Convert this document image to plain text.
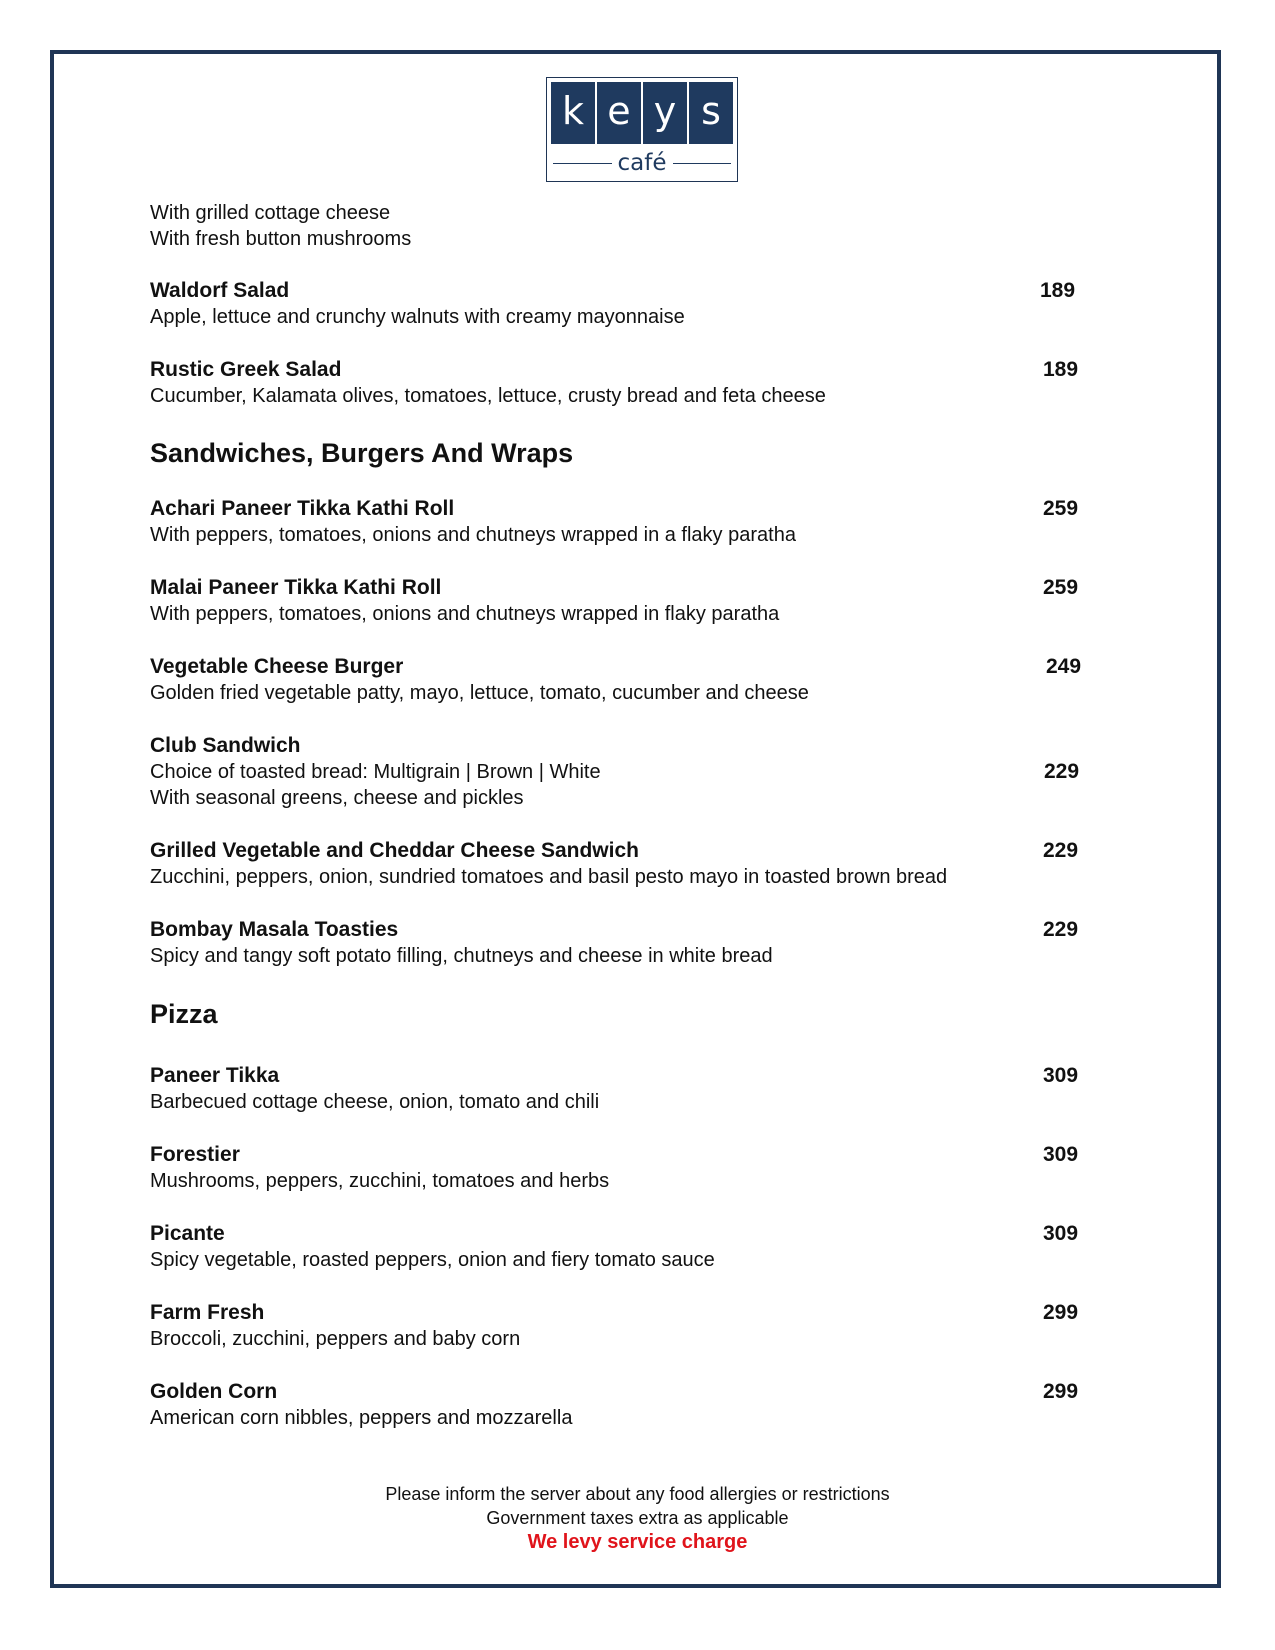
k e y s
café
With grilled cottage cheese
With fresh button mushrooms
Waldorf Salad	189
Apple, lettuce and crunchy walnuts with creamy mayonnaise
Rustic Greek Salad	189
Cucumber, Kalamata olives, tomatoes, lettuce, crusty bread and feta cheese
Sandwiches, Burgers And Wraps
Achari Paneer Tikka Kathi Roll	259
With peppers, tomatoes, onions and chutneys wrapped in a flaky paratha
Malai Paneer Tikka Kathi Roll	259
With peppers, tomatoes, onions and chutneys wrapped in flaky paratha
Vegetable Cheese Burger	249
Golden fried vegetable patty, mayo, lettuce, tomato, cucumber and cheese
Club Sandwich
Choice of toasted bread: Multigrain | Brown | White	229
With seasonal greens, cheese and pickles
Grilled Vegetable and Cheddar Cheese Sandwich	229
Zucchini, peppers, onion, sundried tomatoes and basil pesto mayo in toasted brown bread
Bombay Masala Toasties	229
Spicy and tangy soft potato filling, chutneys and cheese in white bread
Pizza
Paneer Tikka	309
Barbecued cottage cheese, onion, tomato and chili
Forestier	309
Mushrooms, peppers, zucchini, tomatoes and herbs
Picante	309
Spicy vegetable, roasted peppers, onion and fiery tomato sauce
Farm Fresh	299
Broccoli, zucchini, peppers and baby corn
Golden Corn	299
American corn nibbles, peppers and mozzarella
Please inform the server about any food allergies or restrictions
Government taxes extra as applicable
We levy service charge
